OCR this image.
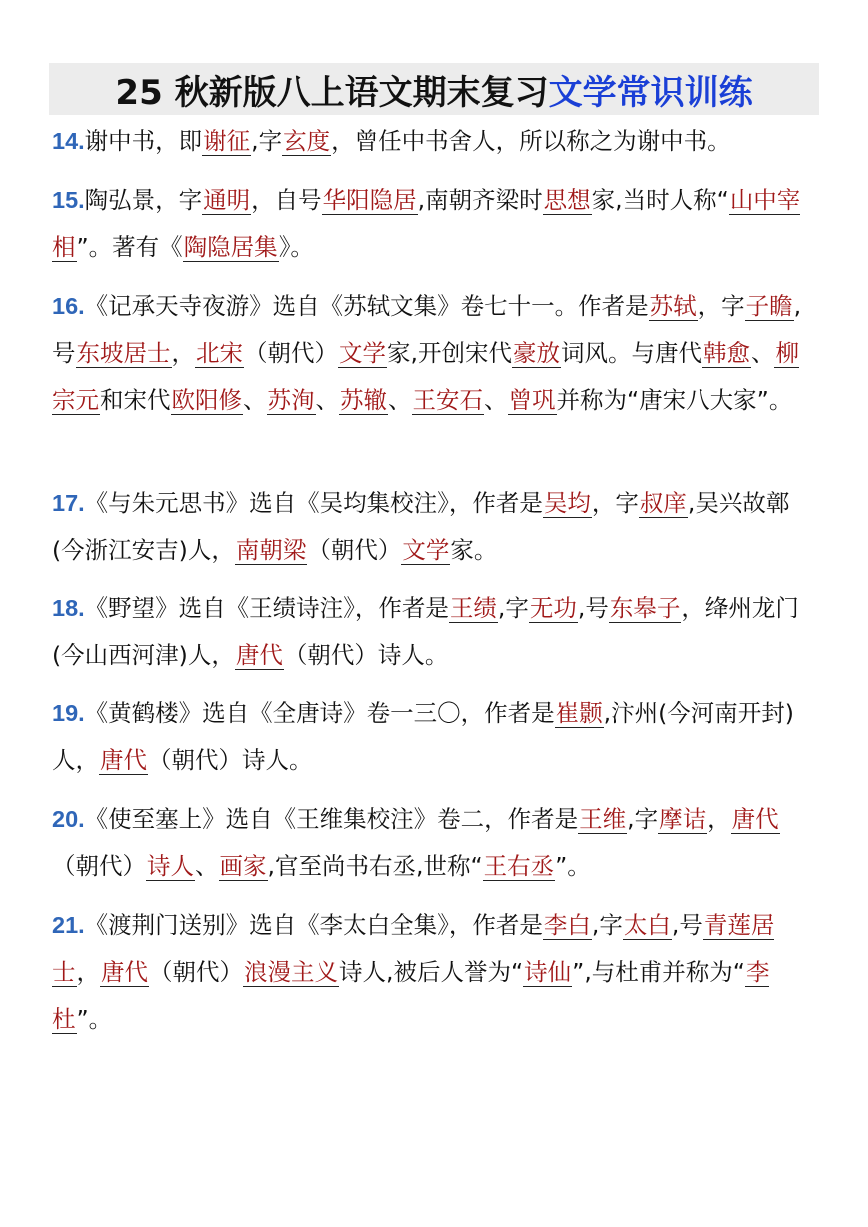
25 秋新版八上语文期末复习 文学常识训练
14.谢中书，即谢征,字玄度，曾任中书舍人，所以称之为谢中书。
15.陶弘景，字通明，自号华阳隐居,南朝齐梁时思想家,当时人称“山中宰相”。著有《陶隐居集》。
16.《记承天寺夜游》选自《苏轼文集》卷七十一。作者是苏轼，字子瞻,号东坡居士，北宋（朝代）文学家,开创宋代豪放词风。与唐代韩愈、柳宗元和宋代欧阳修、苏洵、苏辙、王安石、曾巩并称为“唐宋八大家”。
17.《与朱元思书》选自《吴均集校注》，作者是吴均，字叔庠,吴兴故鄣(今浙江安吉)人，南朝梁（朝代）文学家。
18.《野望》选自《王绩诗注》，作者是王绩,字无功,号东皋子，绛州龙门(今山西河津)人，唐代（朝代）诗人。
19.《黄鹤楼》选自《全唐诗》卷一三〇，作者是崔颢,汴州(今河南开封)人，唐代（朝代）诗人。
20.《使至塞上》选自《王维集校注》卷二，作者是王维,字摩诘，唐代（朝代）诗人、画家,官至尚书右丞,世称“王右丞”。
21.《渡荆门送别》选自《李太白全集》，作者是李白,字太白,号青莲居士，唐代（朝代）浪漫主义诗人,被后人誉为“诗仙”,与杜甫并称为“李杜”。
